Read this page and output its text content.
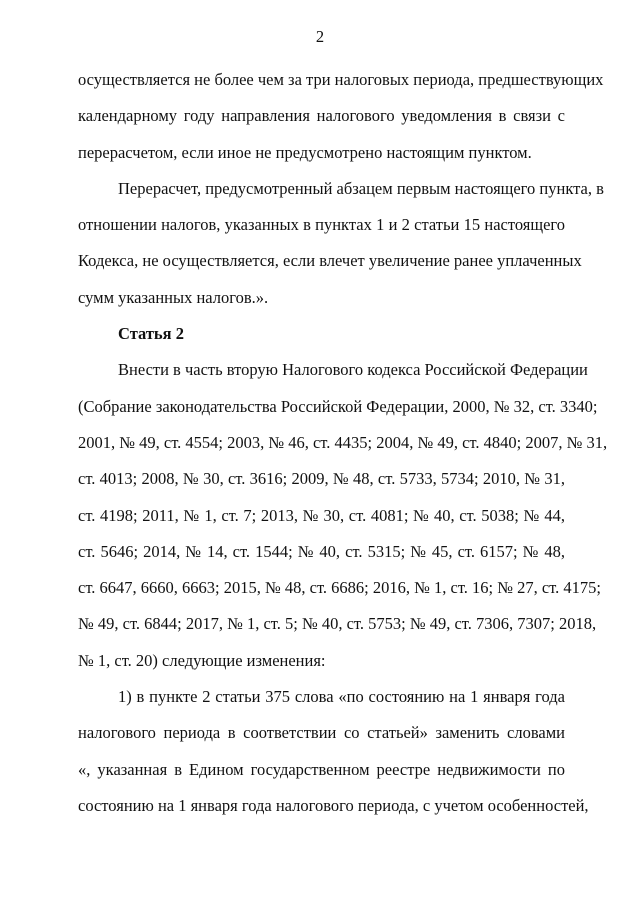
2
осуществляется не более чем за три налоговых периода, предшествующих
календарному году направления налогового уведомления в связи с
перерасчетом, если иное не предусмотрено настоящим пунктом.
Перерасчет, предусмотренный абзацем первым настоящего пункта, в
отношении налогов, указанных в пунктах 1 и 2 статьи 15 настоящего
Кодекса, не осуществляется, если влечет увеличение ранее уплаченных
сумм указанных налогов.».
Статья 2
Внести в часть вторую Налогового кодекса Российской Федерации
(Собрание законодательства Российской Федерации, 2000, № 32, ст. 3340;
2001, № 49, ст. 4554; 2003, № 46, ст. 4435; 2004, № 49, ст. 4840; 2007, № 31,
ст. 4013; 2008, № 30, ст. 3616; 2009, № 48, ст. 5733, 5734; 2010, № 31,
ст. 4198; 2011, № 1, ст. 7; 2013, № 30, ст. 4081; № 40, ст. 5038; № 44,
ст. 5646; 2014, № 14, ст. 1544; № 40, ст. 5315; № 45, ст. 6157; № 48,
ст. 6647, 6660, 6663; 2015, № 48, ст. 6686; 2016, № 1, ст. 16; № 27, ст. 4175;
№ 49, ст. 6844; 2017, № 1, ст. 5; № 40, ст. 5753; № 49, ст. 7306, 7307; 2018,
№ 1, ст. 20) следующие изменения:
1) в пункте 2 статьи 375 слова «по состоянию на 1 января года
налогового периода в соответствии со статьей» заменить словами
«, указанная в Едином государственном реестре недвижимости по
состоянию на 1 января года налогового периода, с учетом особенностей,
